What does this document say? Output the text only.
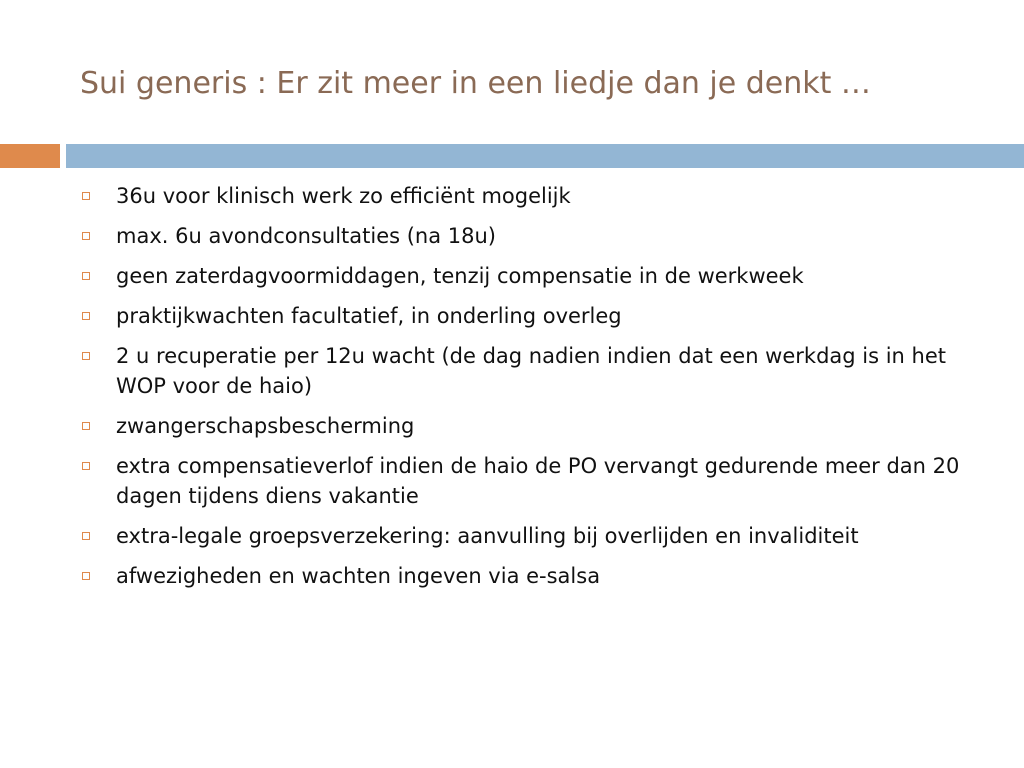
Sui generis : Er zit meer in een liedje dan je denkt …
36u voor klinisch werk zo efficiënt mogelijk
max. 6u avondconsultaties (na 18u)
geen zaterdagvoormiddagen, tenzij compensatie in de werkweek
praktijkwachten facultatief, in onderling overleg
2 u recuperatie per 12u wacht (de dag nadien indien dat een werkdag is in het WOP voor de haio)
zwangerschapsbescherming
extra compensatieverlof indien de haio de PO vervangt gedurende meer dan 20 dagen tijdens diens vakantie
extra-legale groepsverzekering: aanvulling bij overlijden en invaliditeit
afwezigheden en wachten ingeven via e-salsa
